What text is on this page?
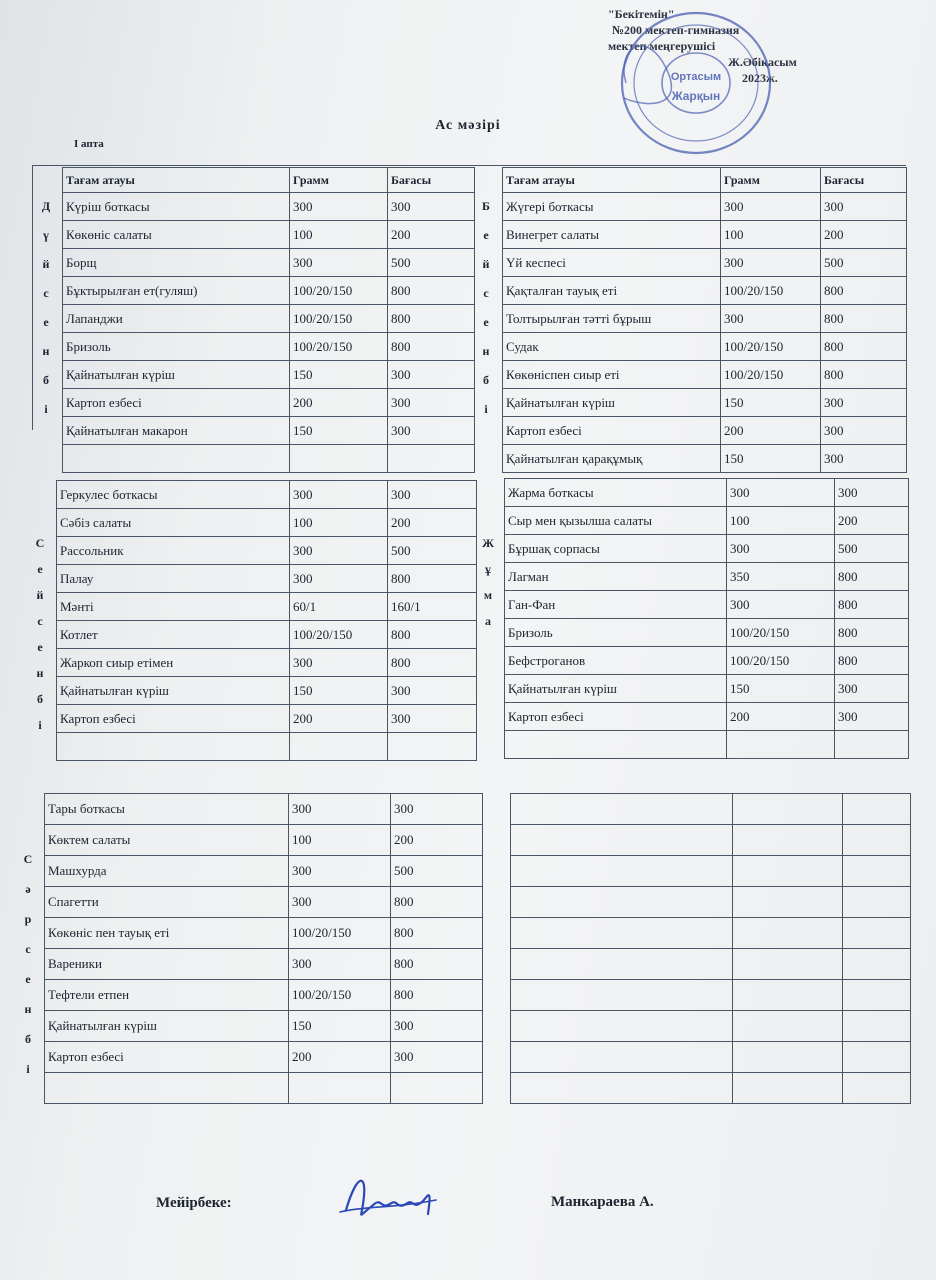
"Бекітемін"
№200 мектеп-гимназия
мектеп меңгерушісі
Ж.Әбіқасым
2023ж.
Ортасым
Жарқын
Ас мәзірі
I апта
Д
ү
й
с
е
н
б
і
Тағам атауы	Грамм	Бағасы
Күріш боткасы	300	300
Көкөніс салаты	100	200
Борщ	300	500
Бұктырылған ет(гуляш)	100/20/150	800
Лапанджи	100/20/150	800
Бризоль	100/20/150	800
Қайнатылған күріш	150	300
Картоп езбесі	200	300
Қайнатылған макарон	150	300

Б
е
й
с
е
н
б
і
Тағам атауы	Грамм	Бағасы
Жүгері боткасы	300	300
Винегрет салаты	100	200
Үй кеспесі	300	500
Қақталған тауық еті	100/20/150	800
Толтырылған тәтті бұрыш	300	800
Судак	100/20/150	800
Көкөніспен сиыр еті	100/20/150	800
Қайнатылған күріш	150	300
Картоп езбесі	200	300
Қайнатылған қарақұмық	150	300
С
е
й
с
е
н
б
і
Геркулес боткасы	300	300
Сәбіз салаты	100	200
Рассольник	300	500
Палау	300	800
Мәнті	60/1	160/1
Котлет	100/20/150	800
Жаркоп сиыр етімен	300	800
Қайнатылған күріш	150	300
Картоп езбесі	200	300

Ж
ұ
м
а
Жарма боткасы	300	300
Сыр мен қызылша салаты	100	200
Бұршақ сорпасы	300	500
Лагман	350	800
Ган-Фан	300	800
Бризоль	100/20/150	800
Бефстроганов	100/20/150	800
Қайнатылған күріш	150	300
Картоп езбесі	200	300

С
ә
р
с
е
н
б
і
Тары боткасы	300	300
Көктем салаты	100	200
Машхурда	300	500
Спагетти	300	800
Көкөніс пен тауық еті	100/20/150	800
Вареники	300	800
Тефтели етпен	100/20/150	800
Қайнатылған күріш	150	300
Картоп езбесі	200	300

Мейірбеке:	Манкараева А.
